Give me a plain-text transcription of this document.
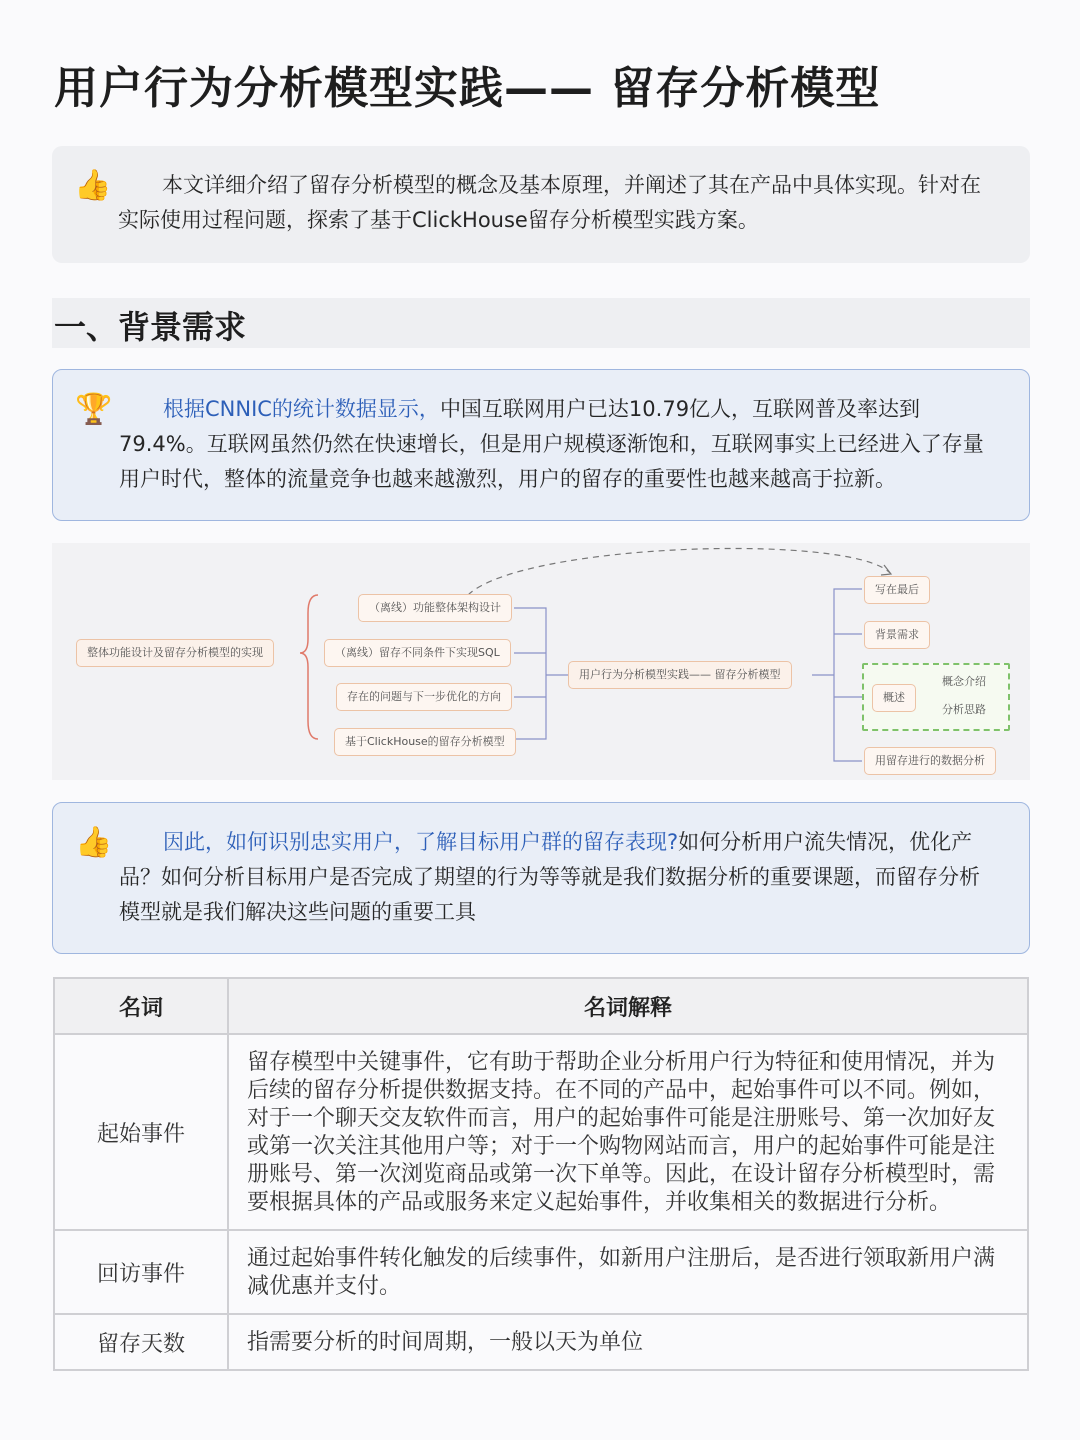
用户行为分析模型实践—— 留存分析模型
👍	本文详细介绍了留存分析模型的概念及基本原理，并阐述了其在产品中具体实现。针对在实际使用过程问题，探索了基于ClickHouse留存分析模型实践方案。

一、背景需求
🏆	根据CNNIC的统计数据显示，中国互联网用户已达10.79亿人，互联网普及率达到79.4%。互联网虽然仍然在快速增长，但是用户规模逐渐饱和，互联网事实上已经进入了存量用户时代，整体的流量竞争也越来越激烈，用户的留存的重要性也越来越高于拉新。

整体功能设计及留存分析模型的实现
（离线）功能整体架构设计
（离线）留存不同条件下实现SQL
存在的问题与下一步优化的方向
基于ClickHouse的留存分析模型
用户行为分析模型实践—— 留存分析模型
写在最后
背景需求
概述
概念介绍
分析思路
用留存进行的数据分析
👍	因此，如何识别忠实用户，了解目标用户群的留存表现?如何分析用户流失情况，优化产品？如何分析目标用户是否完成了期望的行为等等就是我们数据分析的重要课题，而留存分析模型就是我们解决这些问题的重要工具

名词	名词解释
起始事件	留存模型中关键事件，它有助于帮助企业分析用户行为特征和使用情况，并为后续的留存分析提供数据支持。在不同的产品中，起始事件可以不同。例如，对于一个聊天交友软件而言，用户的起始事件可能是注册账号、第一次加好友或第一次关注其他用户等；对于一个购物网站而言，用户的起始事件可能是注册账号、第一次浏览商品或第一次下单等。因此，在设计留存分析模型时，需要根据具体的产品或服务来定义起始事件，并收集相关的数据进行分析。
回访事件	通过起始事件转化触发的后续事件，如新用户注册后，是否进行领取新用户满减优惠并支付。
留存天数	指需要分析的时间周期，一般以天为单位
